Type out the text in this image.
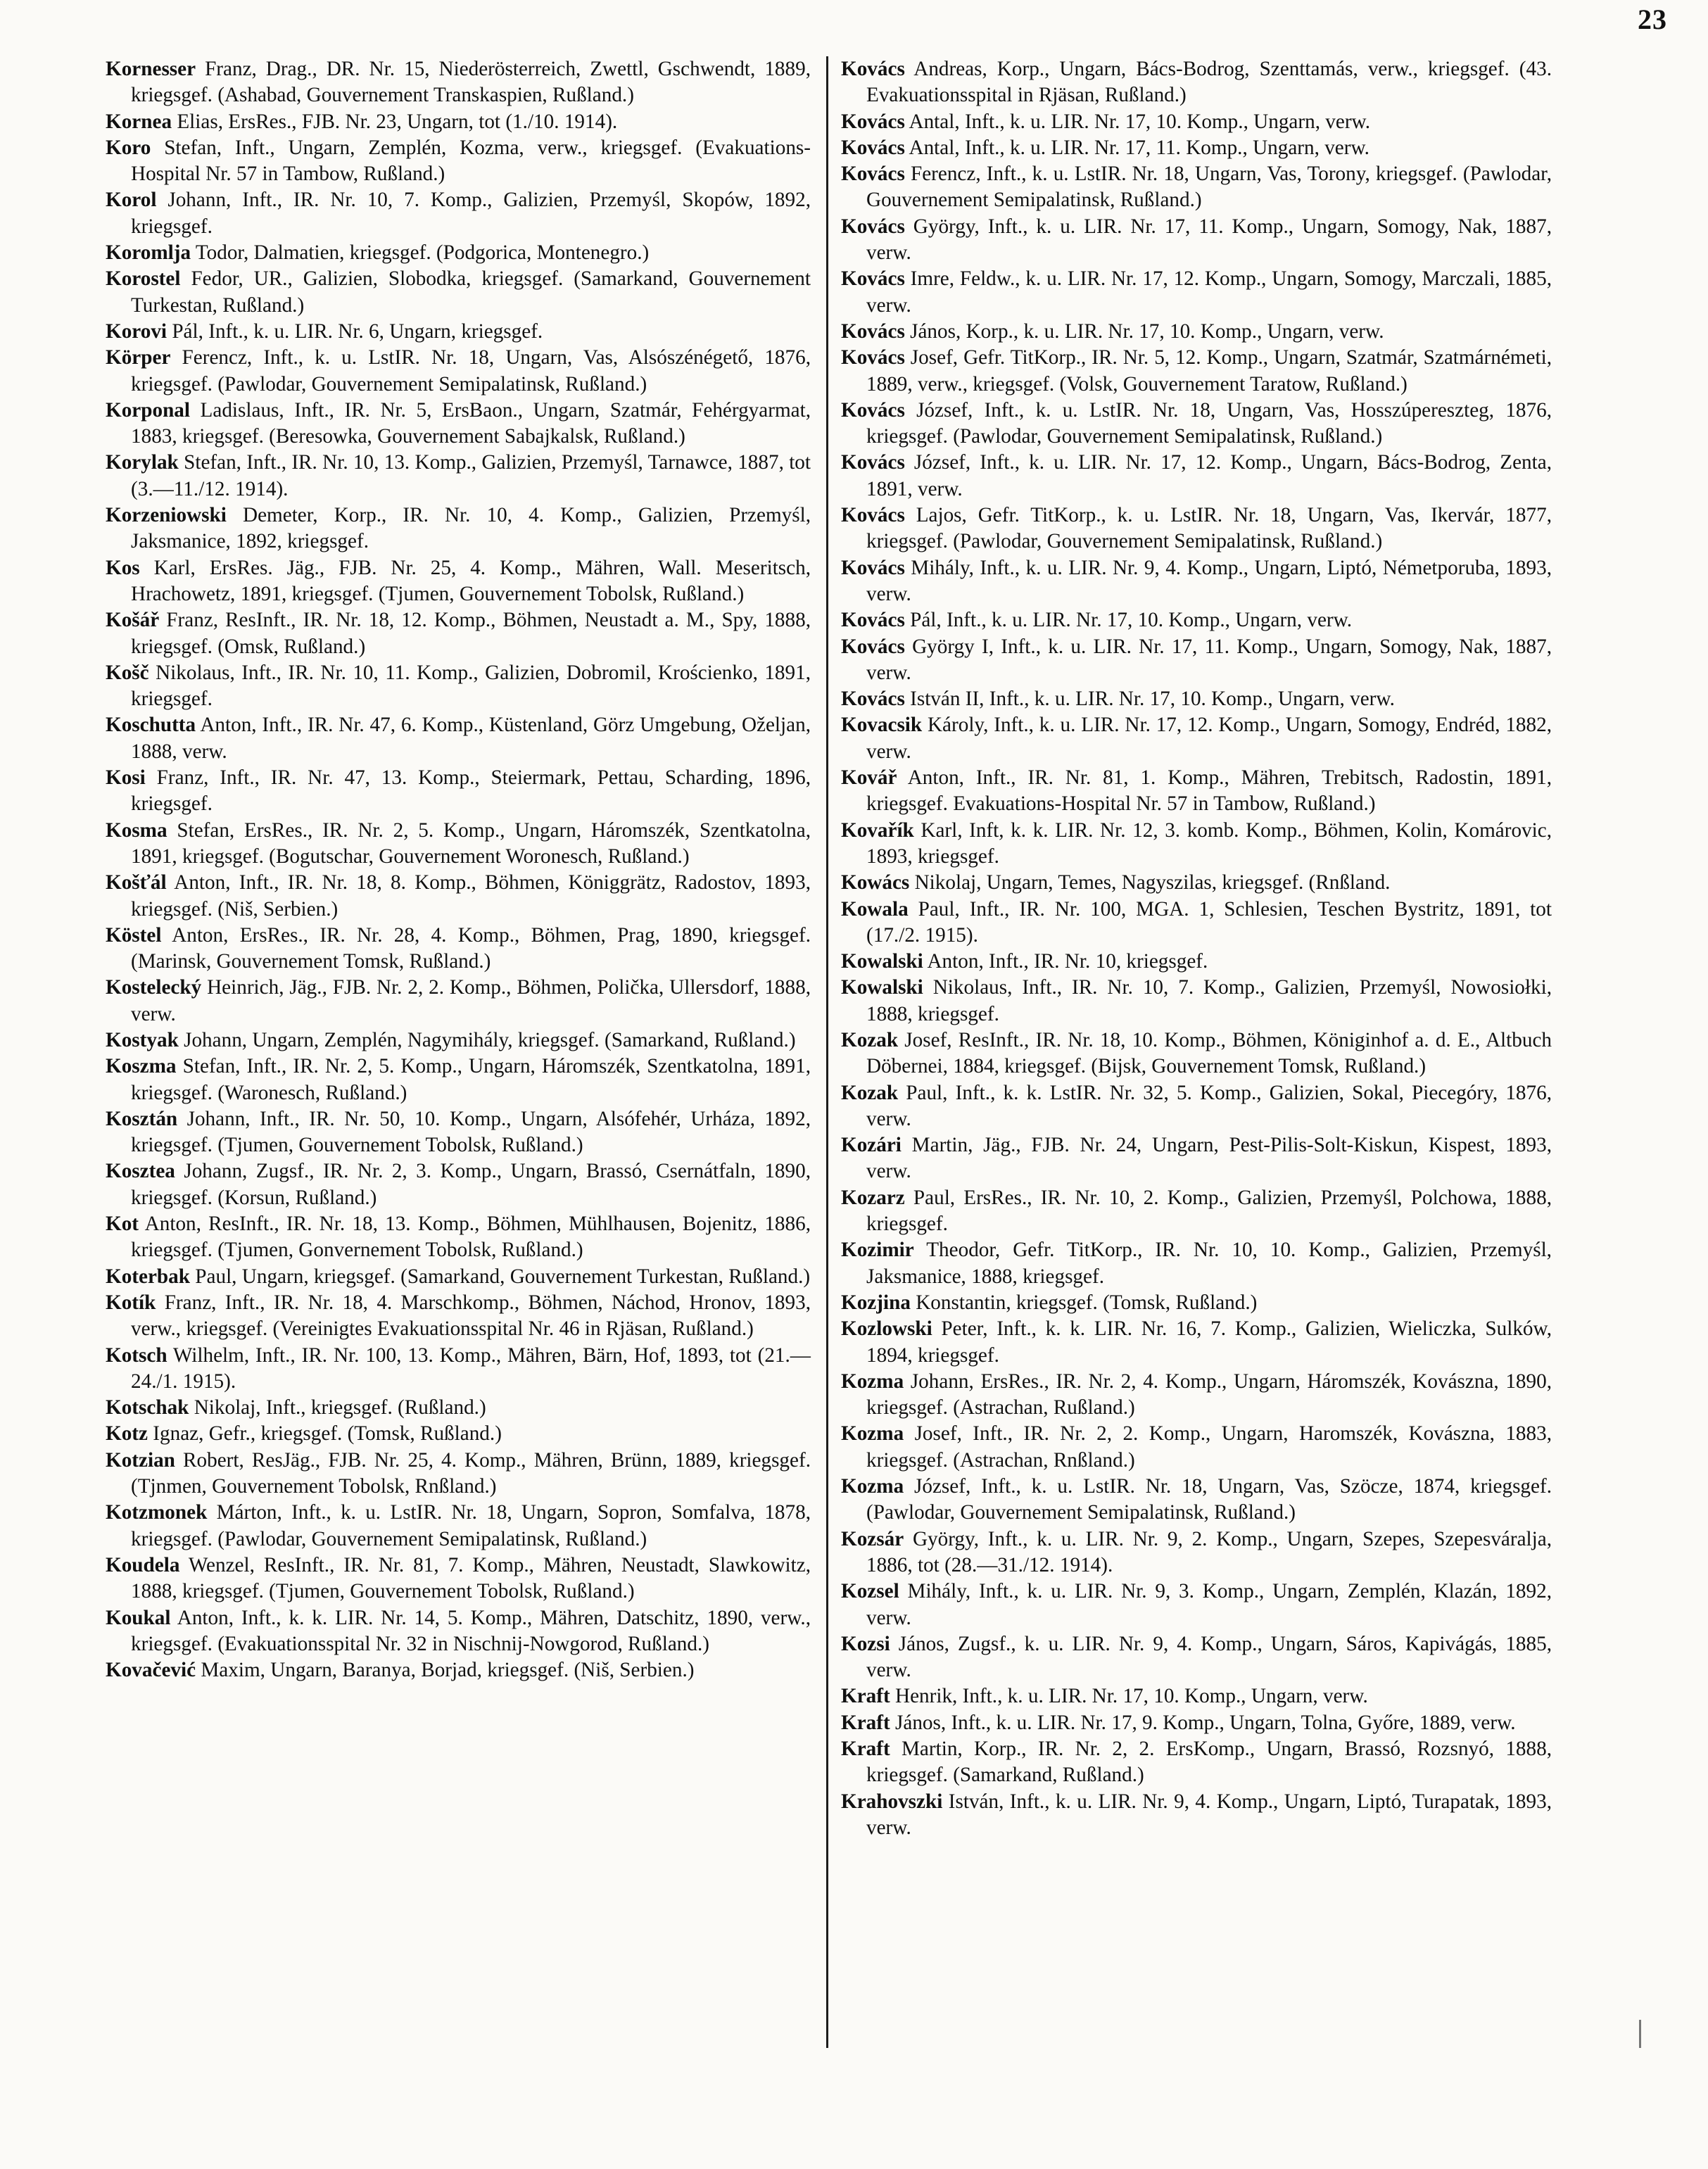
23

Kornesser Franz, Drag., DR. Nr. 15, Niederösterreich, Zwettl, Gschwendt, 1889, kriegsgef. (Ashabad, Gouvernement Transkaspien, Rußland.)

Kornea Elias, ErsRes., FJB. Nr. 23, Ungarn, tot (1./10. 1914).

Koro Stefan, Inft., Ungarn, Zemplén, Kozma, verw., kriegsgef. (Evakuations-Hospital Nr. 57 in Tambow, Rußland.)

Korol Johann, Inft., IR. Nr. 10, 7. Komp., Galizien, Przemyśl, Skopów, 1892, kriegsgef.

Koromlja Todor, Dalmatien, kriegsgef. (Podgorica, Montenegro.)

Korostel Fedor, UR., Galizien, Slobodka, kriegsgef. (Samarkand, Gouvernement Turkestan, Rußland.)

Korovi Pál, Inft., k. u. LIR. Nr. 6, Ungarn, kriegsgef.

Körper Ferencz, Inft., k. u. LstIR. Nr. 18, Ungarn, Vas, Alsószénégető, 1876, kriegsgef. (Pawlodar, Gouvernement Semipalatinsk, Rußland.)

Korponal Ladislaus, Inft., IR. Nr. 5, ErsBaon., Ungarn, Szatmár, Fehérgyarmat, 1883, kriegsgef. (Beresowka, Gouvernement Sabajkalsk, Rußland.)

Korylak Stefan, Inft., IR. Nr. 10, 13. Komp., Galizien, Przemyśl, Tarnawce, 1887, tot (3.—11./12. 1914).

Korzeniowski Demeter, Korp., IR. Nr. 10, 4. Komp., Galizien, Przemyśl, Jaksmanice, 1892, kriegsgef.

Kos Karl, ErsRes. Jäg., FJB. Nr. 25, 4. Komp., Mähren, Wall. Meseritsch, Hrachowetz, 1891, kriegsgef. (Tjumen, Gouvernement Tobolsk, Rußland.)

Košář Franz, ResInft., IR. Nr. 18, 12. Komp., Böhmen, Neustadt a. M., Spy, 1888, kriegsgef. (Omsk, Rußland.)

Košč Nikolaus, Inft., IR. Nr. 10, 11. Komp., Galizien, Dobromil, Krościenko, 1891, kriegsgef.

Koschutta Anton, Inft., IR. Nr. 47, 6. Komp., Küstenland, Görz Umgebung, Oželjan, 1888, verw.

Kosi Franz, Inft., IR. Nr. 47, 13. Komp., Steiermark, Pettau, Scharding, 1896, kriegsgef.

Kosma Stefan, ErsRes., IR. Nr. 2, 5. Komp., Ungarn, Háromszék, Szentkatolna, 1891, kriegsgef. (Bogutschar, Gouvernement Woronesch, Rußland.)

Košťál Anton, Inft., IR. Nr. 18, 8. Komp., Böhmen, Königgrätz, Radostov, 1893, kriegsgef. (Niš, Serbien.)

Köstel Anton, ErsRes., IR. Nr. 28, 4. Komp., Böhmen, Prag, 1890, kriegsgef. (Marinsk, Gouvernement Tomsk, Rußland.)

Kostelecký Heinrich, Jäg., FJB. Nr. 2, 2. Komp., Böhmen, Polička, Ullersdorf, 1888, verw.

Kostyak Johann, Ungarn, Zemplén, Nagymihály, kriegsgef. (Samarkand, Rußland.)

Koszma Stefan, Inft., IR. Nr. 2, 5. Komp., Ungarn, Háromszék, Szentkatolna, 1891, kriegsgef. (Waronesch, Rußland.)

Kosztán Johann, Inft., IR. Nr. 50, 10. Komp., Ungarn, Alsófehér, Urháza, 1892, kriegsgef. (Tjumen, Gouvernement Tobolsk, Rußland.)

Kosztea Johann, Zugsf., IR. Nr. 2, 3. Komp., Ungarn, Brassó, Csernátfaln, 1890, kriegsgef. (Korsun, Rußland.)

Kot Anton, ResInft., IR. Nr. 18, 13. Komp., Böhmen, Mühlhausen, Bojenitz, 1886, kriegsgef. (Tjumen, Gonvernement Tobolsk, Rußland.)

Koterbak Paul, Ungarn, kriegsgef. (Samarkand, Gouvernement Turkestan, Rußland.)

Kotík Franz, Inft., IR. Nr. 18, 4. Marschkomp., Böhmen, Náchod, Hronov, 1893, verw., kriegsgef. (Vereinigtes Evakuationsspital Nr. 46 in Rjäsan, Rußland.)

Kotsch Wilhelm, Inft., IR. Nr. 100, 13. Komp., Mähren, Bärn, Hof, 1893, tot (21.—24./1. 1915).

Kotschak Nikolaj, Inft., kriegsgef. (Rußland.)

Kotz Ignaz, Gefr., kriegsgef. (Tomsk, Rußland.)

Kotzian Robert, ResJäg., FJB. Nr. 25, 4. Komp., Mähren, Brünn, 1889, kriegsgef. (Tjnmen, Gouvernement Tobolsk, Rnßland.)

Kotzmonek Márton, Inft., k. u. LstIR. Nr. 18, Ungarn, Sopron, Somfalva, 1878, kriegsgef. (Pawlodar, Gouvernement Semipalatinsk, Rußland.)

Koudela Wenzel, ResInft., IR. Nr. 81, 7. Komp., Mähren, Neustadt, Slawkowitz, 1888, kriegsgef. (Tjumen, Gouvernement Tobolsk, Rußland.)

Koukal Anton, Inft., k. k. LIR. Nr. 14, 5. Komp., Mähren, Datschitz, 1890, verw., kriegsgef. (Evakuationsspital Nr. 32 in Nischnij-Nowgorod, Rußland.)

Kovačević Maxim, Ungarn, Baranya, Borjad, kriegsgef. (Niš, Serbien.)

Kovács Andreas, Korp., Ungarn, Bács-Bodrog, Szenttamás, verw., kriegsgef. (43. Evakuationsspital in Rjäsan, Rußland.)

Kovács Antal, Inft., k. u. LIR. Nr. 17, 10. Komp., Ungarn, verw.

Kovács Antal, Inft., k. u. LIR. Nr. 17, 11. Komp., Ungarn, verw.

Kovács Ferencz, Inft., k. u. LstIR. Nr. 18, Ungarn, Vas, Torony, kriegsgef. (Pawlodar, Gouvernement Semipalatinsk, Rußland.)

Kovács György, Inft., k. u. LIR. Nr. 17, 11. Komp., Ungarn, Somogy, Nak, 1887, verw.

Kovács Imre, Feldw., k. u. LIR. Nr. 17, 12. Komp., Ungarn, Somogy, Marczali, 1885, verw.

Kovács János, Korp., k. u. LIR. Nr. 17, 10. Komp., Ungarn, verw.

Kovács Josef, Gefr. TitKorp., IR. Nr. 5, 12. Komp., Ungarn, Szatmár, Szatmárnémeti, 1889, verw., kriegsgef. (Volsk, Gouvernement Taratow, Rußland.)

Kovács József, Inft., k. u. LstIR. Nr. 18, Ungarn, Vas, Hosszúpereszteg, 1876, kriegsgef. (Pawlodar, Gouvernement Semipalatinsk, Rußland.)

Kovács József, Inft., k. u. LIR. Nr. 17, 12. Komp., Ungarn, Bács-Bodrog, Zenta, 1891, verw.

Kovács Lajos, Gefr. TitKorp., k. u. LstIR. Nr. 18, Ungarn, Vas, Ikervár, 1877, kriegsgef. (Pawlodar, Gouvernement Semipalatinsk, Rußland.)

Kovács Mihály, Inft., k. u. LIR. Nr. 9, 4. Komp., Ungarn, Liptó, Németporuba, 1893, verw.

Kovács Pál, Inft., k. u. LIR. Nr. 17, 10. Komp., Ungarn, verw.

Kovács György I, Inft., k. u. LIR. Nr. 17, 11. Komp., Ungarn, Somogy, Nak, 1887, verw.

Kovács István II, Inft., k. u. LIR. Nr. 17, 10. Komp., Ungarn, verw.

Kovacsik Károly, Inft., k. u. LIR. Nr. 17, 12. Komp., Ungarn, Somogy, Endréd, 1882, verw.

Kovář Anton, Inft., IR. Nr. 81, 1. Komp., Mähren, Trebitsch, Radostin, 1891, kriegsgef. Evakuations-Hospital Nr. 57 in Tambow, Rußland.)

Kovařík Karl, Inft, k. k. LIR. Nr. 12, 3. komb. Komp., Böhmen, Kolin, Komárovic, 1893, kriegsgef.

Kowács Nikolaj, Ungarn, Temes, Nagyszilas, kriegsgef. (Rnßland.

Kowala Paul, Inft., IR. Nr. 100, MGA. 1, Schlesien, Teschen Bystritz, 1891, tot (17./2. 1915).

Kowalski Anton, Inft., IR. Nr. 10, kriegsgef.

Kowalski Nikolaus, Inft., IR. Nr. 10, 7. Komp., Galizien, Przemyśl, Nowosiołki, 1888, kriegsgef.

Kozak Josef, ResInft., IR. Nr. 18, 10. Komp., Böhmen, Königinhof a. d. E., Altbuch Döbernei, 1884, kriegsgef. (Bijsk, Gouvernement Tomsk, Rußland.)

Kozak Paul, Inft., k. k. LstIR. Nr. 32, 5. Komp., Galizien, Sokal, Piecegóry, 1876, verw.

Kozári Martin, Jäg., FJB. Nr. 24, Ungarn, Pest-Pilis-Solt-Kiskun, Kispest, 1893, verw.

Kozarz Paul, ErsRes., IR. Nr. 10, 2. Komp., Galizien, Przemyśl, Polchowa, 1888, kriegsgef.

Kozimir Theodor, Gefr. TitKorp., IR. Nr. 10, 10. Komp., Galizien, Przemyśl, Jaksmanice, 1888, kriegsgef.

Kozjina Konstantin, kriegsgef. (Tomsk, Rußland.)

Kozlowski Peter, Inft., k. k. LIR. Nr. 16, 7. Komp., Galizien, Wieliczka, Sulków, 1894, kriegsgef.

Kozma Johann, ErsRes., IR. Nr. 2, 4. Komp., Ungarn, Háromszék, Kovászna, 1890, kriegsgef. (Astrachan, Rußland.)

Kozma Josef, Inft., IR. Nr. 2, 2. Komp., Ungarn, Haromszék, Kovászna, 1883, kriegsgef. (Astrachan, Rnßland.)

Kozma József, Inft., k. u. LstIR. Nr. 18, Ungarn, Vas, Szöcze, 1874, kriegsgef. (Pawlodar, Gouvernement Semipalatinsk, Rußland.)

Kozsár György, Inft., k. u. LIR. Nr. 9, 2. Komp., Ungarn, Szepes, Szepesváralja, 1886, tot (28.—31./12. 1914).

Kozsel Mihály, Inft., k. u. LIR. Nr. 9, 3. Komp., Ungarn, Zemplén, Klazán, 1892, verw.

Kozsi János, Zugsf., k. u. LIR. Nr. 9, 4. Komp., Ungarn, Sáros, Kapivágás, 1885, verw.

Kraft Henrik, Inft., k. u. LIR. Nr. 17, 10. Komp., Ungarn, verw.

Kraft János, Inft., k. u. LIR. Nr. 17, 9. Komp., Ungarn, Tolna, Győre, 1889, verw.

Kraft Martin, Korp., IR. Nr. 2, 2. ErsKomp., Ungarn, Brassó, Rozsnyó, 1888, kriegsgef. (Samarkand, Rußland.)

Krahovszki István, Inft., k. u. LIR. Nr. 9, 4. Komp., Ungarn, Liptó, Turapatak, 1893, verw.
